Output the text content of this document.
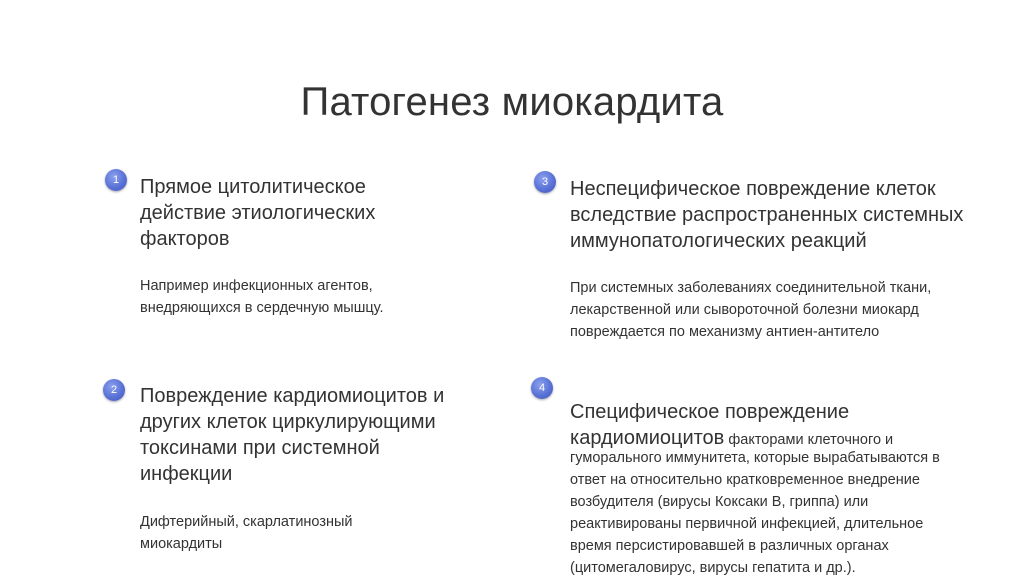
Патогенез миокардита
1	Прямое цитолитическое
действие этиологических
факторов
Например инфекционных агентов,
внедряющихся в сердечную мышцу.
2	Повреждение кардиомиоцитов и
других клеток циркулирующими
токсинами при системной
инфекции
Дифтерийный, скарлатинозный
миокардиты
3	Неспецифическое повреждение клеток
вследствие распространенных системных
иммунопатологических реакций
При системных заболеваниях соединительной ткани,
лекарственной или сывороточной болезни миокард
повреждается по механизму антиен-антитело
4
Специфическое повреждение
кардиомиоцитов факторами клеточного и
гуморального иммунитета, которые вырабатываются в
ответ на относительно кратковременное внедрение
возбудителя (вирусы Коксаки В, гриппа) или
реактивированы первичной инфекцией, длительное
время персистировавшей в различных органах
(цитомегаловирус, вирусы гепатита и др.).
